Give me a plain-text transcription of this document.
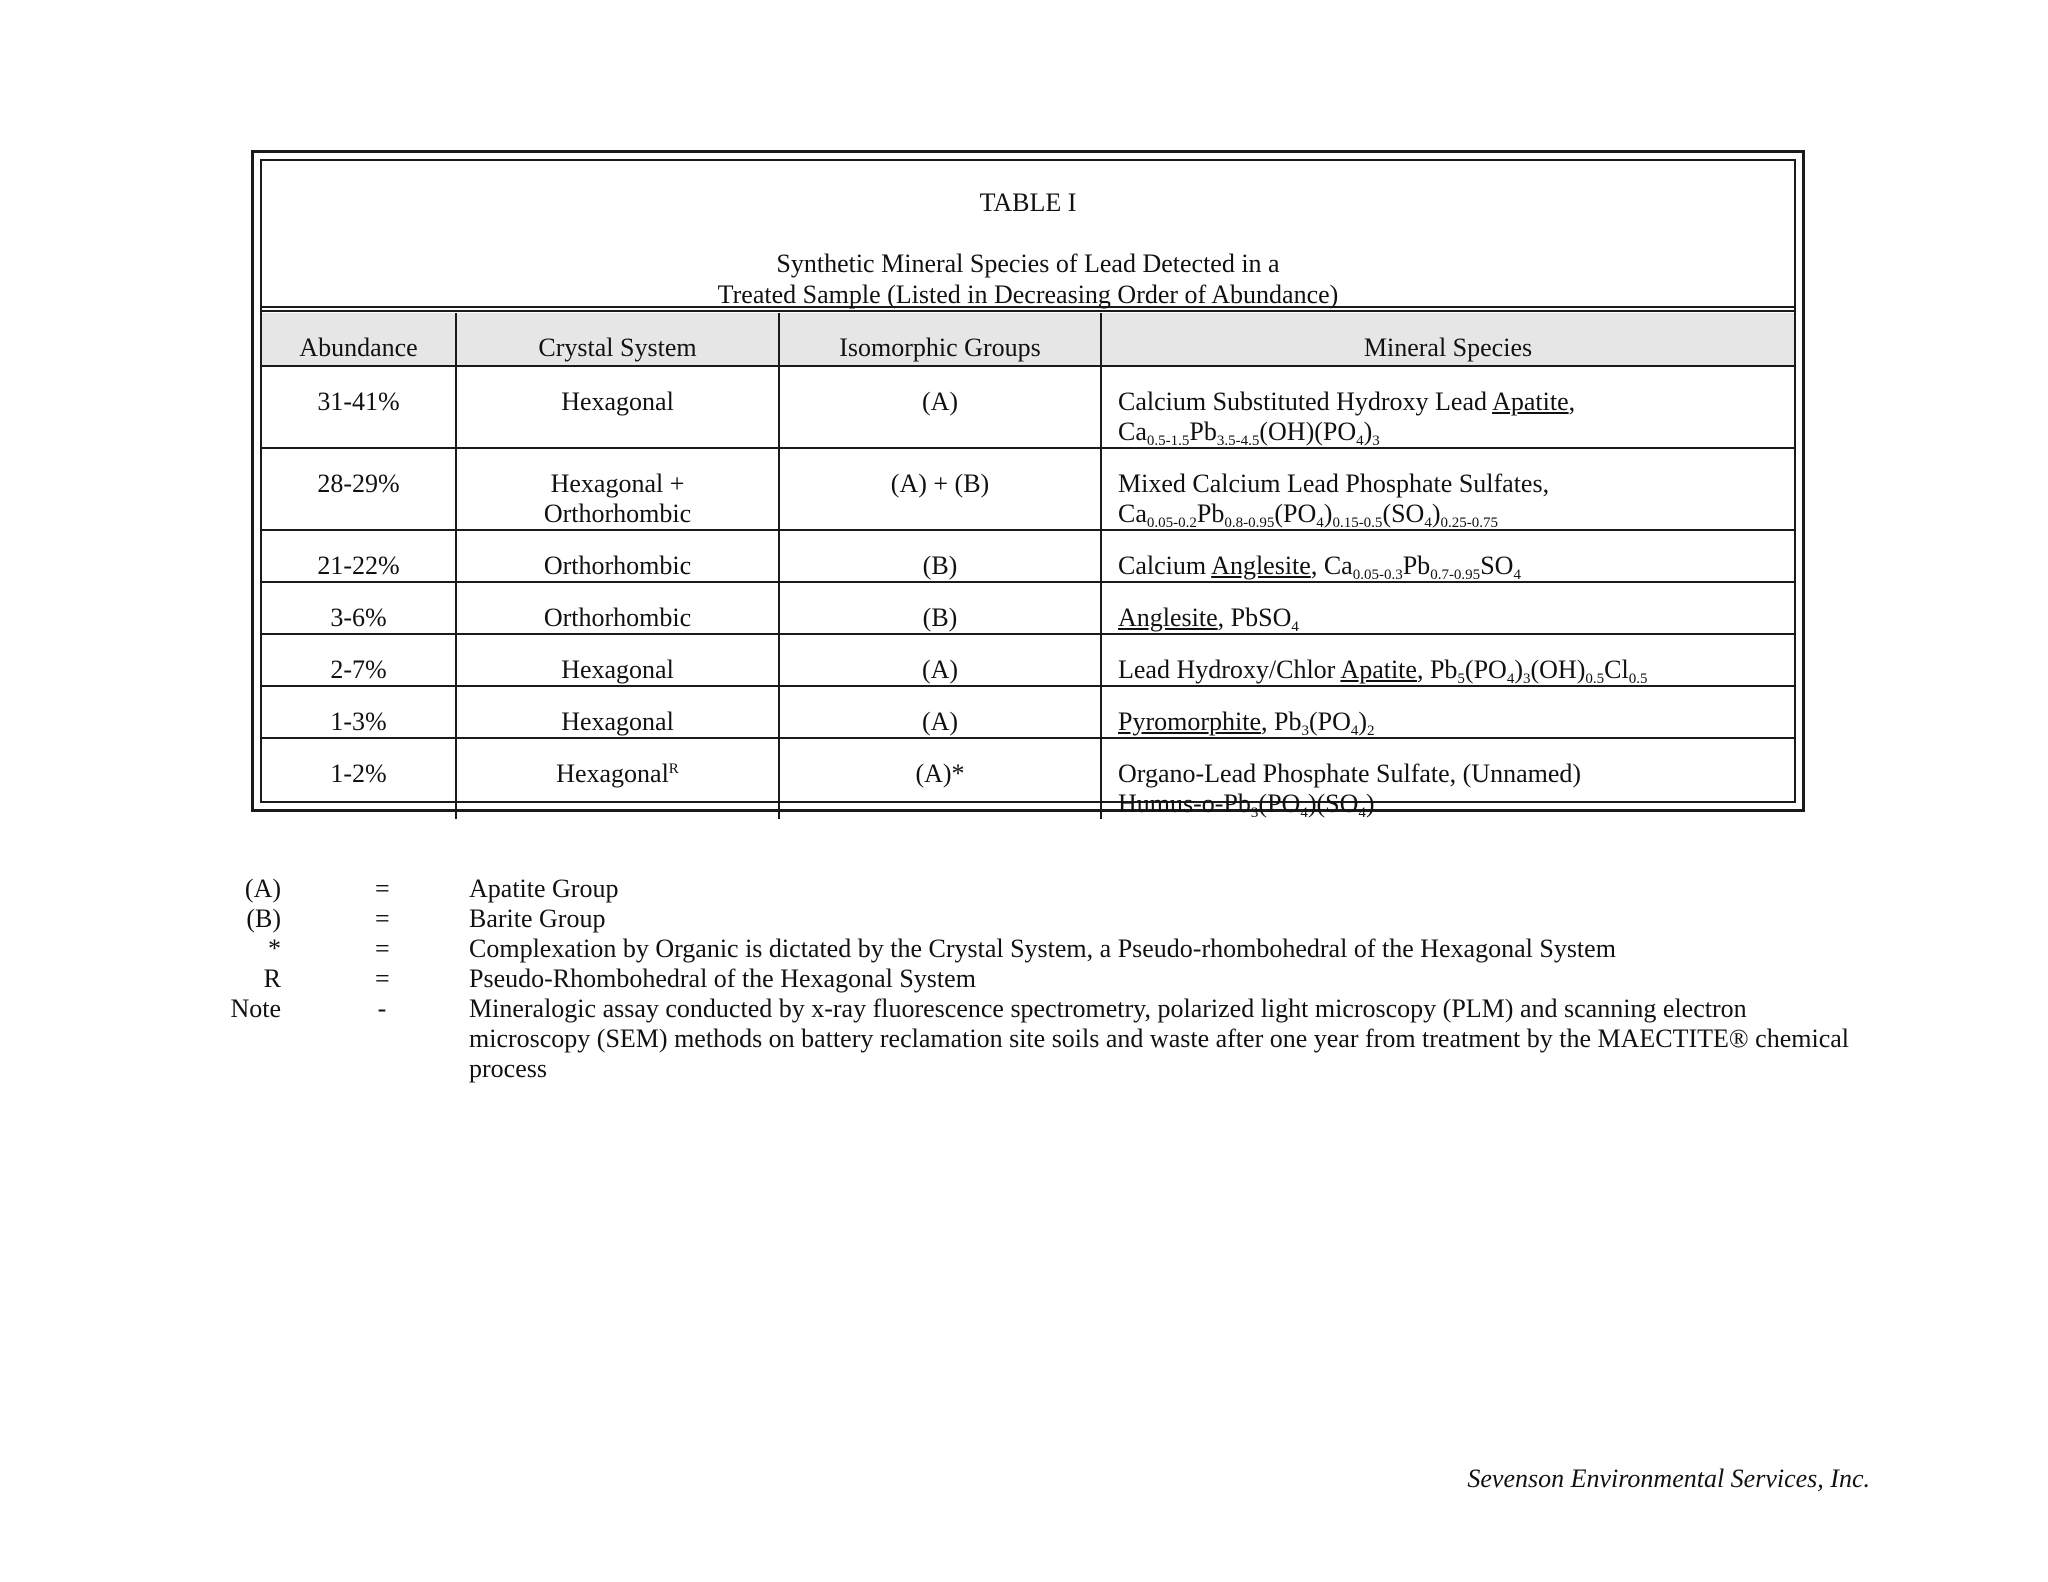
TABLE I
Synthetic Mineral Species of Lead Detected in a
Treated Sample (Listed in Decreasing Order of Abundance)
Abundance	Crystal System	Isomorphic Groups	Mineral Species
31-41%	Hexagonal	(A)	Calcium Substituted Hydroxy Lead Apatite,
$Ca_{0.5-1.5}Pb_{3.5-4.5}(OH)(PO_4)_3$
28-29%	Hexagonal +
Orthorhombic	(A) + (B)	Mixed Calcium Lead Phosphate Sulfates,
$Ca_{0.05-0.2}Pb_{0.8-0.95}(PO_4)_{0.15-0.5}(SO_4)_{0.25-0.75}$
21-22%	Orthorhombic	(B)	Calcium Anglesite, $Ca_{0.05-0.3}Pb_{0.7-0.95}SO_4$
3-6%	Orthorhombic	(B)	Anglesite, PbSO$_4$
2-7%	Hexagonal	(A)	Lead Hydroxy/Chlor Apatite, $Pb_5(PO_4)_3(OH)_{0.5}Cl_{0.5}$
1-3%	Hexagonal	(A)	Pyromorphite, $Pb_3(PO_4)_2$
1-2%	Hexagonal$^R$	(A)*	Organo-Lead Phosphate Sulfate, (Unnamed)
Humus-$o-Pb_3(PO_4)(SO_4)$
(A)	=	Apatite Group
(B)	=	Barite Group
*	=	Complexation by Organic is dictated by the Crystal System, a Pseudo-rhombohedral of the Hexagonal System
R	=	Pseudo-Rhombohedral of the Hexagonal System
Note	-	Mineralogic assay conducted by x-ray fluorescence spectrometry, polarized light microscopy (PLM) and scanning electron
microscopy (SEM) methods on battery reclamation site soils and waste after one year from treatment by the MAECTITE® chemical
process
Sevenson Environmental Services, Inc.
